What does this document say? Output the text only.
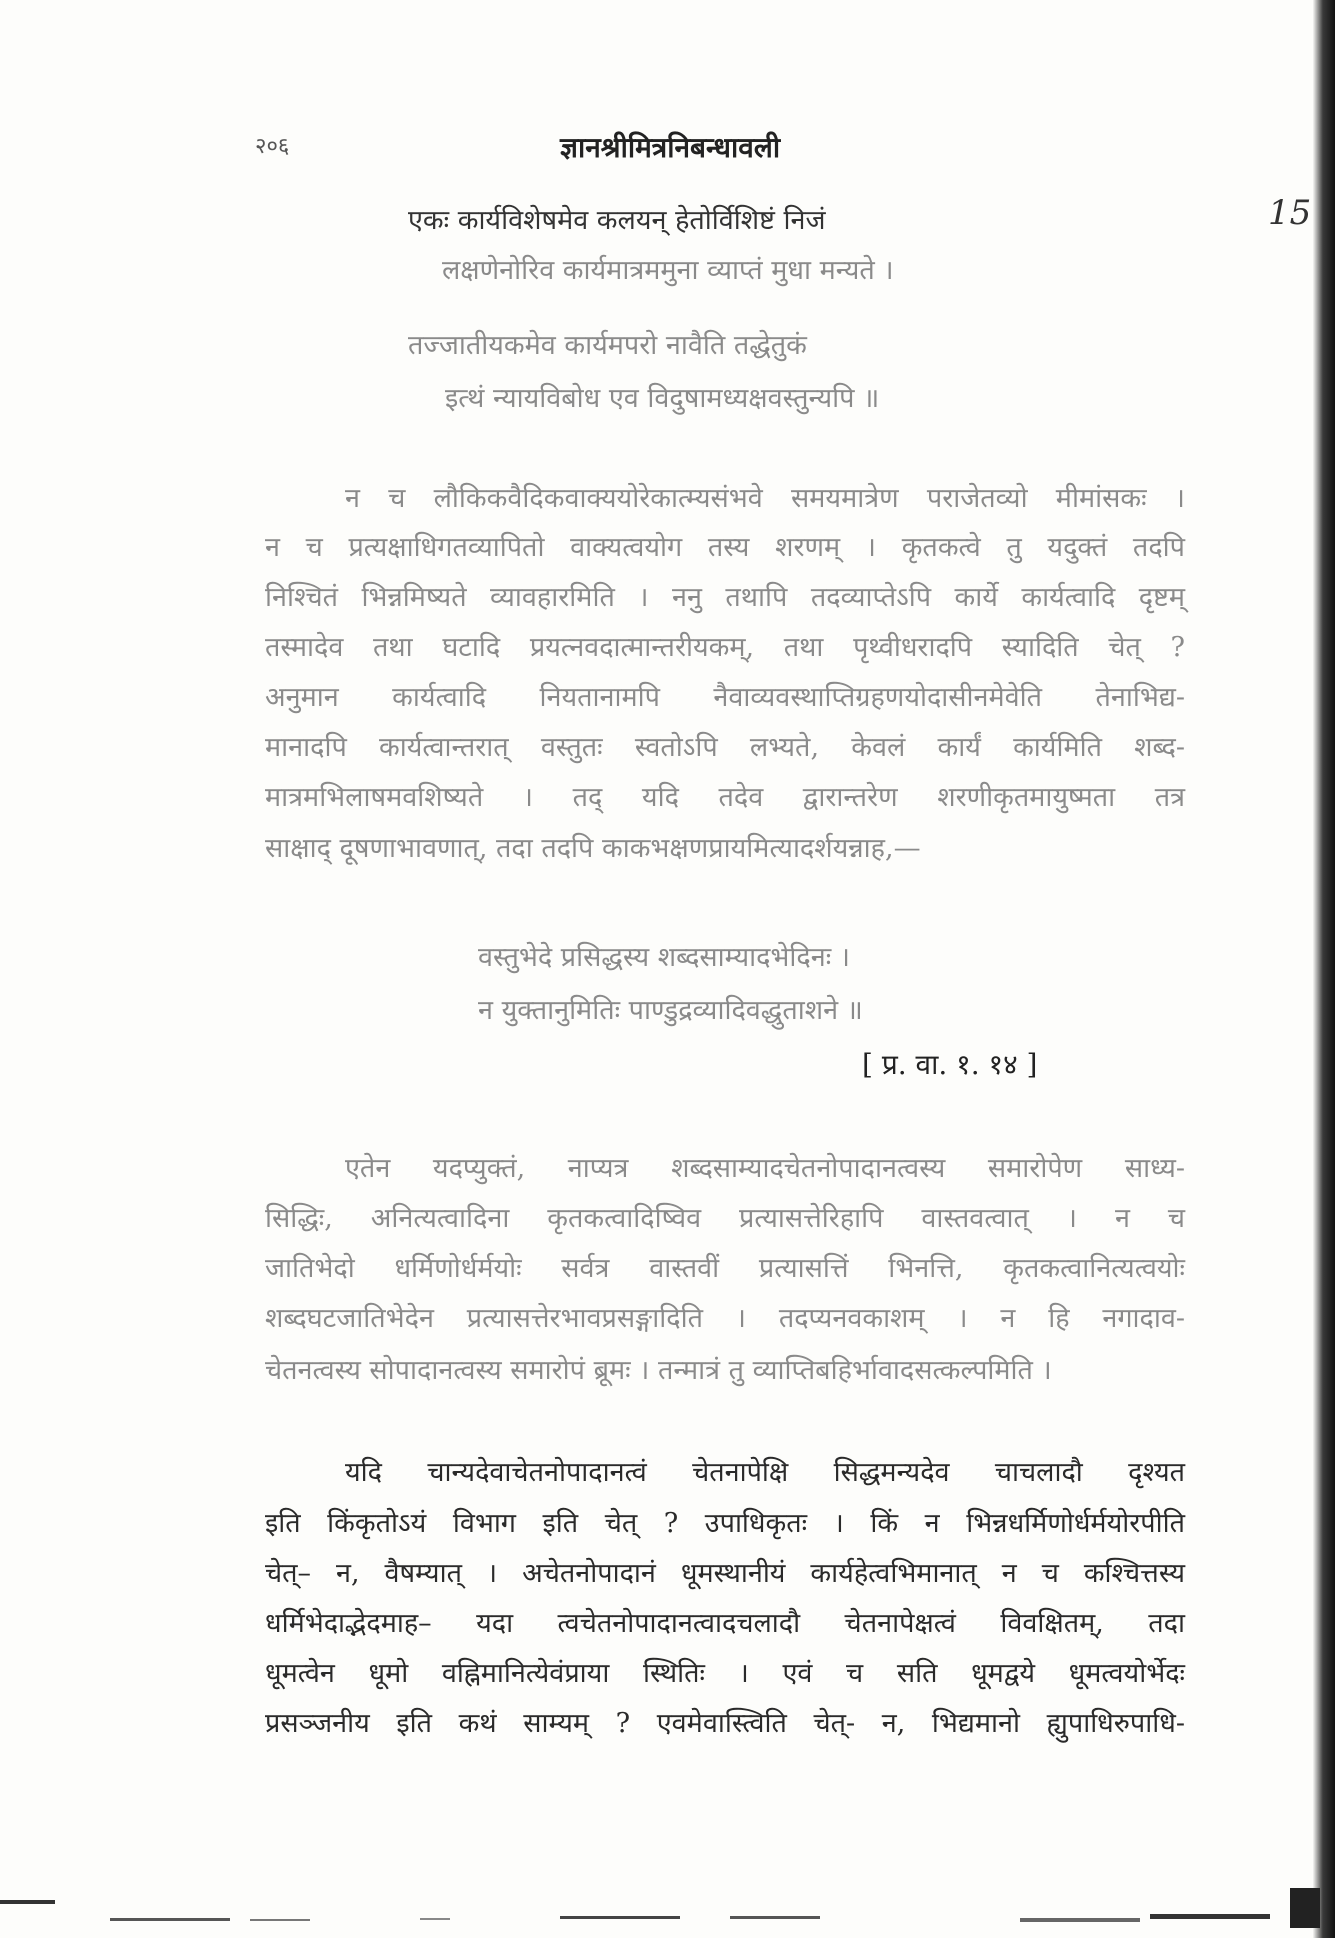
२०६	ज्ञानश्रीमित्रनिबन्धावली
15
एकः कार्यविशेषमेव कलयन् हेतोर्विशिष्टं निजं
लक्षणेनोरिव कार्यमात्रममुना व्याप्तं मुधा मन्यते ।
तज्जातीयकमेव कार्यमपरो नावैति तद्धेतुकं
इत्थं न्यायविबोध एव विदुषामध्यक्षवस्तुन्यपि ॥
न च लौकिकवैदिकवाक्ययोरेकात्म्यसंभवे समयमात्रेण पराजेतव्यो मीमांसकः ।
न च प्रत्यक्षाधिगतव्यापितो वाक्यत्वयोग तस्य शरणम् । कृतकत्वे तु यदुक्तं तदपि
निश्चितं भिन्नमिष्यते व्यावहारमिति । ननु तथापि तदव्याप्तेऽपि कार्ये कार्यत्वादि दृष्टम्
तस्मादेव तथा घटादि प्रयत्नवदात्मान्तरीयकम्, तथा पृथ्वीधरादपि स्यादिति चेत् ?
अनुमान कार्यत्वादि नियतानामपि नैवाव्यवस्थाप्तिग्रहणयोदासीनमेवेति तेनाभिद्य-
मानादपि कार्यत्वान्तरात् वस्तुतः स्वतोऽपि लभ्यते, केवलं कार्यं कार्यमिति शब्द-
मात्रमभिलाषमवशिष्यते । तद् यदि तदेव द्वारान्तरेण शरणीकृतमायुष्मता तत्र
साक्षाद् दूषणाभावणात्, तदा तदपि काकभक्षणप्रायमित्यादर्शयन्नाह,—
वस्तुभेदे प्रसिद्धस्य शब्दसाम्यादभेदिनः ।
न युक्तानुमितिः पाण्डुद्रव्यादिवद्धुताशने ॥
[ प्र. वा. १. १४ ]
एतेन यदप्युक्तं, नाप्यत्र शब्दसाम्यादचेतनोपादानत्वस्य समारोपेण साध्य-
सिद्धिः, अनित्यत्वादिना कृतकत्वादिष्विव प्रत्यासत्तेरिहापि वास्तवत्वात् । न च
जातिभेदो धर्मिणोर्धर्मयोः सर्वत्र वास्तवीं प्रत्यासत्तिं भिनत्ति, कृतकत्वानित्यत्वयोः
शब्दघटजातिभेदेन प्रत्यासत्तेरभावप्रसङ्गादिति । तदप्यनवकाशम् । न हि नगादाव-
चेतनत्वस्य सोपादानत्वस्य समारोपं ब्रूमः । तन्मात्रं तु व्याप्तिबहिर्भावादसत्कल्पमिति ।
यदि चान्यदेवाचेतनोपादानत्वं चेतनापेक्षि सिद्धमन्यदेव चाचलादौ दृश्यत
इति किंकृतोऽयं विभाग इति चेत् ? उपाधिकृतः । किं न भिन्नधर्मिणोर्धर्मयोरपीति
चेत्– न, वैषम्यात् । अचेतनोपादानं धूमस्थानीयं कार्यहेत्वभिमानात् न च कश्चित्तस्य
धर्मिभेदाद्भेदमाह– यदा त्वचेतनोपादानत्वादचलादौ चेतनापेक्षत्वं विवक्षितम्, तदा
धूमत्वेन धूमो वह्निमानित्येवंप्राया स्थितिः । एवं च सति धूमद्वये धूमत्वयोर्भेदः
प्रसञ्जनीय इति कथं साम्यम् ? एवमेवास्त्विति चेत्- न, भिद्यमानो ह्युपाधिरुपाधि-
